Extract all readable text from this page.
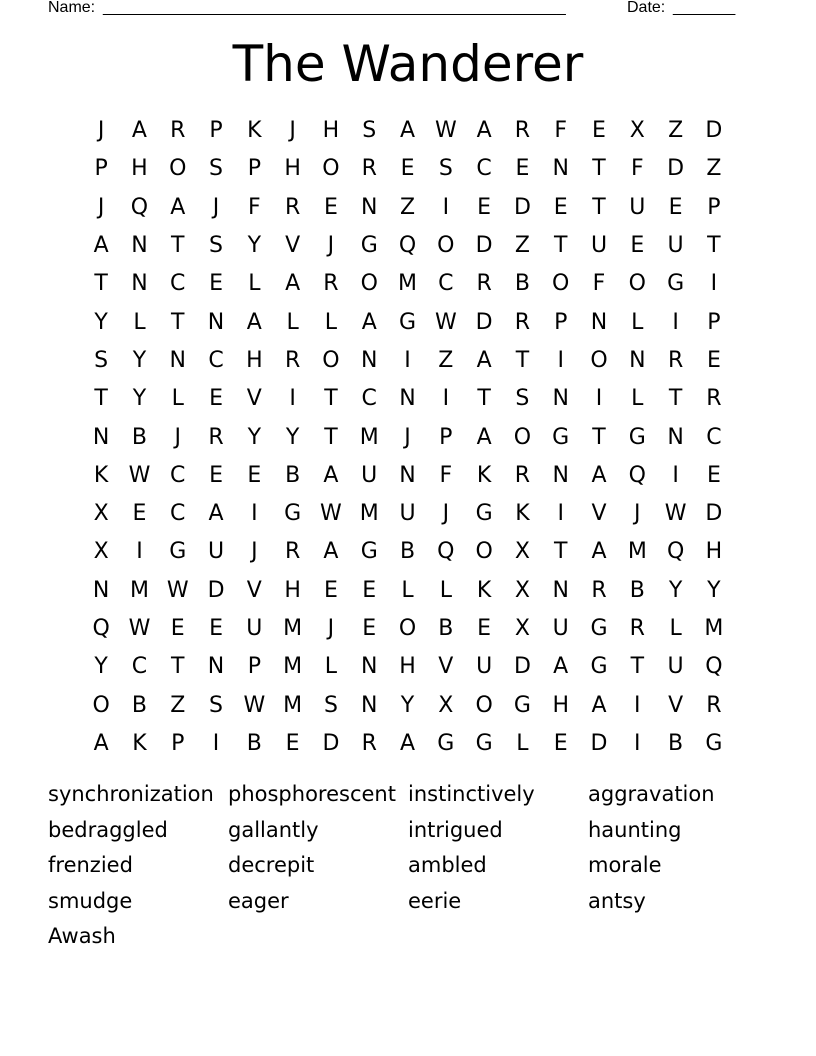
Name: ____________________________________________________	Date: _______
The Wanderer
J	A	R	P	K	J	H	S	A W A	R	F	E	X	Z	D
P	H O	S	P	H O R	E	S	C	E	N	T	F	D	Z
J	Q	A	J	F	R	E	N	Z	I	E	D	E	T	U	E	P
A	N	T	S	Y	V	J	G Q O D	Z	T	U	E	U	T
T	N	C	E	L	A	R O M C	R	B	O	F	O G	I
Y	L	T	N	A	L	L	A	G W D	R	P	N	L	I	P
S	Y	N	C	H	R O N	I	Z	A	T	I	O N	R	E
T	Y	L	E	V	I	T	C	N	I	T	S	N	I	L	T	R
N	B	J	R	Y	Y	T	M	J	P	A	O G	T	G N	C
K W C	E	E	B	A	U	N	F	K	R	N	A	Q	I	E
X	E	C	A	I	G W M U	J	G	K	I	V	J	W D
X	I	G U	J	R	A	G	B	Q O	X	T	A M Q H
N M W D	V	H	E	E	L	L	K	X	N	R	B	Y	Y
Q W E	E	U M	J	E	O	B	E	X	U G	R	L	M
Y	C	T	N	P	M	L	N H	V	U D	A	G	T	U Q
O	B	Z	S W M S	N	Y	X	O G H	A	I	V	R
A	K	P	I	B	E	D	R	A	G G	L	E	D	I	B	G
synchronization phosphorescent instinctively	aggravation
bedraggled	gallantly	intrigued	haunting
frenzied	decrepit	ambled	morale
smudge	eager	eerie	antsy
Awash
